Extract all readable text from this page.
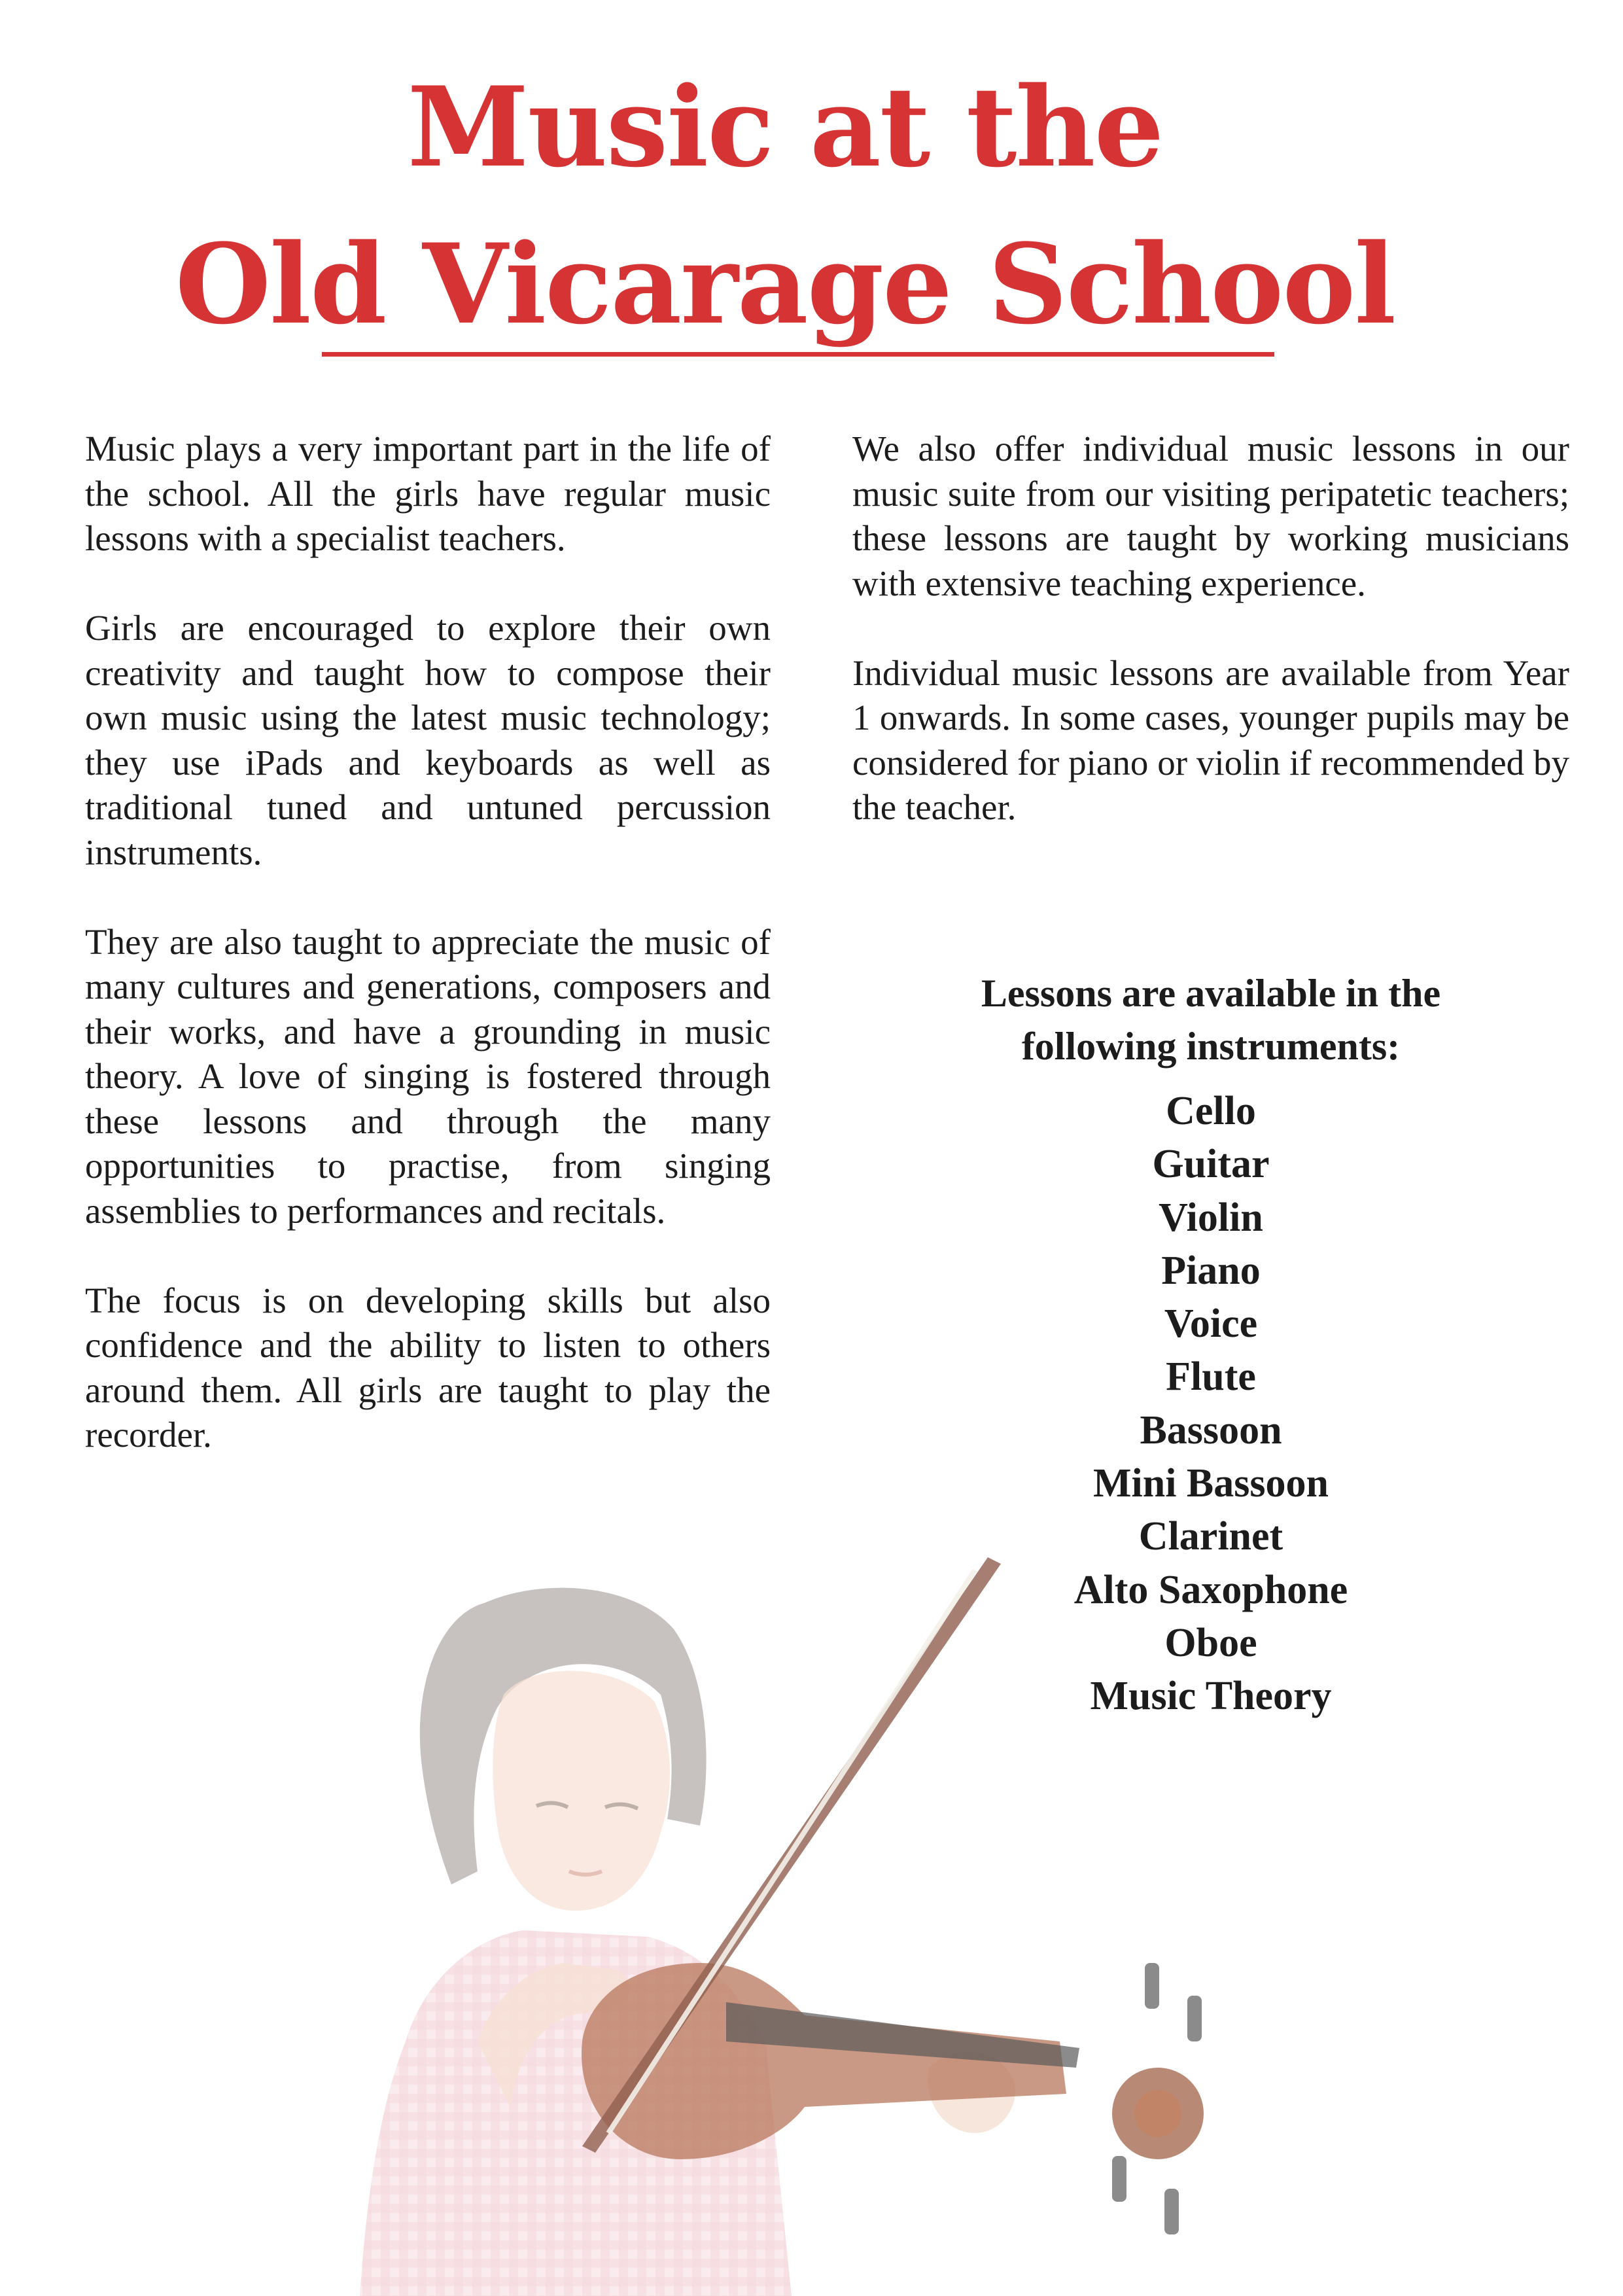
Music at the
Old Vicarage School

Music plays a very important part in the life of the school. All the girls have regular music lessons with a specialist teachers.

Girls are encouraged to explore their own creativity and taught how to compose their own music using the latest music technology; they use iPads and keyboards as well as traditional tuned and untuned percussion instruments.

They are also taught to appreciate the music of many cultures and generations, composers and their works, and have a grounding in music theory. A love of singing is fostered through these lessons and through the many opportunities to practise, from singing assemblies to performances and recitals.

The focus is on developing skills but also confidence and the ability to listen to others around them. All girls are taught to play the recorder.

We also offer individual music lessons in our music suite from our visiting peripatetic teachers; these lessons are taught by working musicians with extensive teaching experience.

Individual music lessons are available from Year 1 onwards. In some cases, younger pupils may be considered for piano or violin if recommended by the teacher.

Lessons are available in the
following instruments:
Cello
Guitar
Violin
Piano
Voice
Flute
Bassoon
Mini Bassoon
Clarinet
Alto Saxophone
Oboe
Music Theory
